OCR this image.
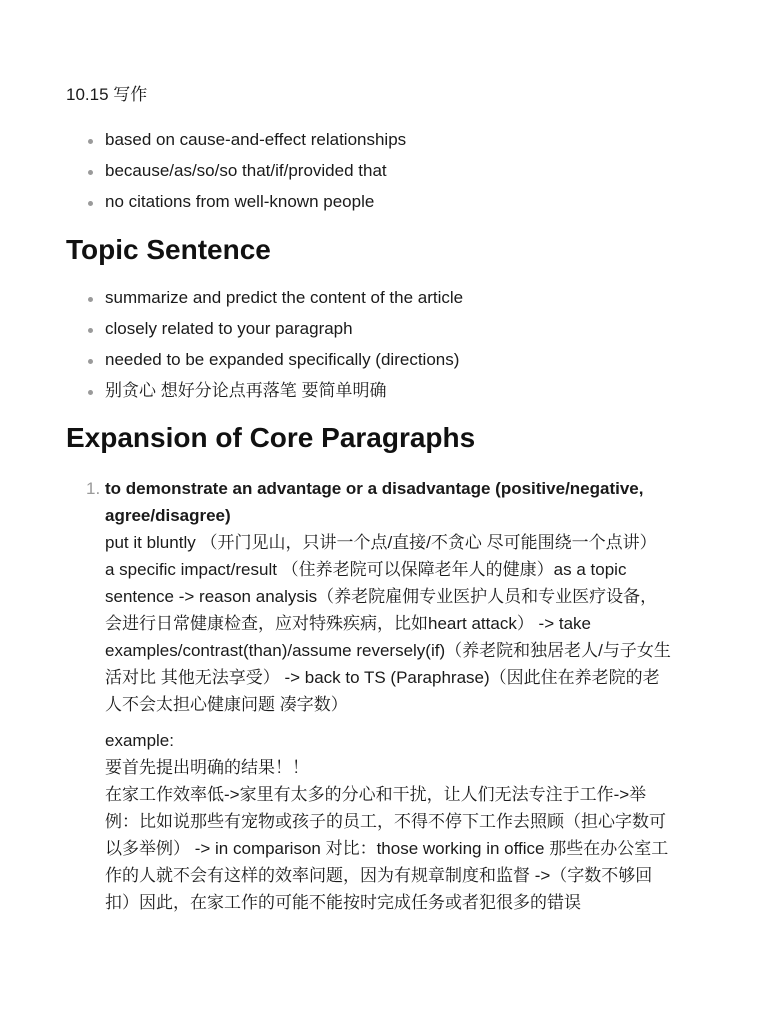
10.15 写作
based on cause-and-effect relationships
because/as/so/so that/if/provided that
no citations from well-known people
Topic Sentence
summarize and predict the content of the article
closely related to your paragraph
needed to be expanded specifically (directions)
别贪心 想好分论点再落笔 要简单明确
Expansion of Core Paragraphs
1. to demonstrate an advantage or a disadvantage (positive/negative,
agree/disagree)
put it bluntly （开门见山，只讲一个点/直接/不贪心 尽可能围绕一个点讲）
a specific impact/result （住养老院可以保障老年人的健康）as a topic
sentence -> reason analysis（养老院雇佣专业医护人员和专业医疗设备，
会进行日常健康检查，应对特殊疾病，比如heart attack） -> take
examples/contrast(than)/assume reversely(if)（养老院和独居老人/与子女生
活对比 其他无法享受） -> back to TS (Paraphrase)（因此住在养老院的老
人不会太担心健康问题 凑字数）
example:
要首先提出明确的结果！！
在家工作效率低->家里有太多的分心和干扰，让人们无法专注于工作->举
例：比如说那些有宠物或孩子的员工，不得不停下工作去照顾（担心字数可
以多举例） -> in comparison 对比：those working in office 那些在办公室工
作的人就不会有这样的效率问题，因为有规章制度和监督 ->（字数不够回
扣）因此，在家工作的可能不能按时完成任务或者犯很多的错误
